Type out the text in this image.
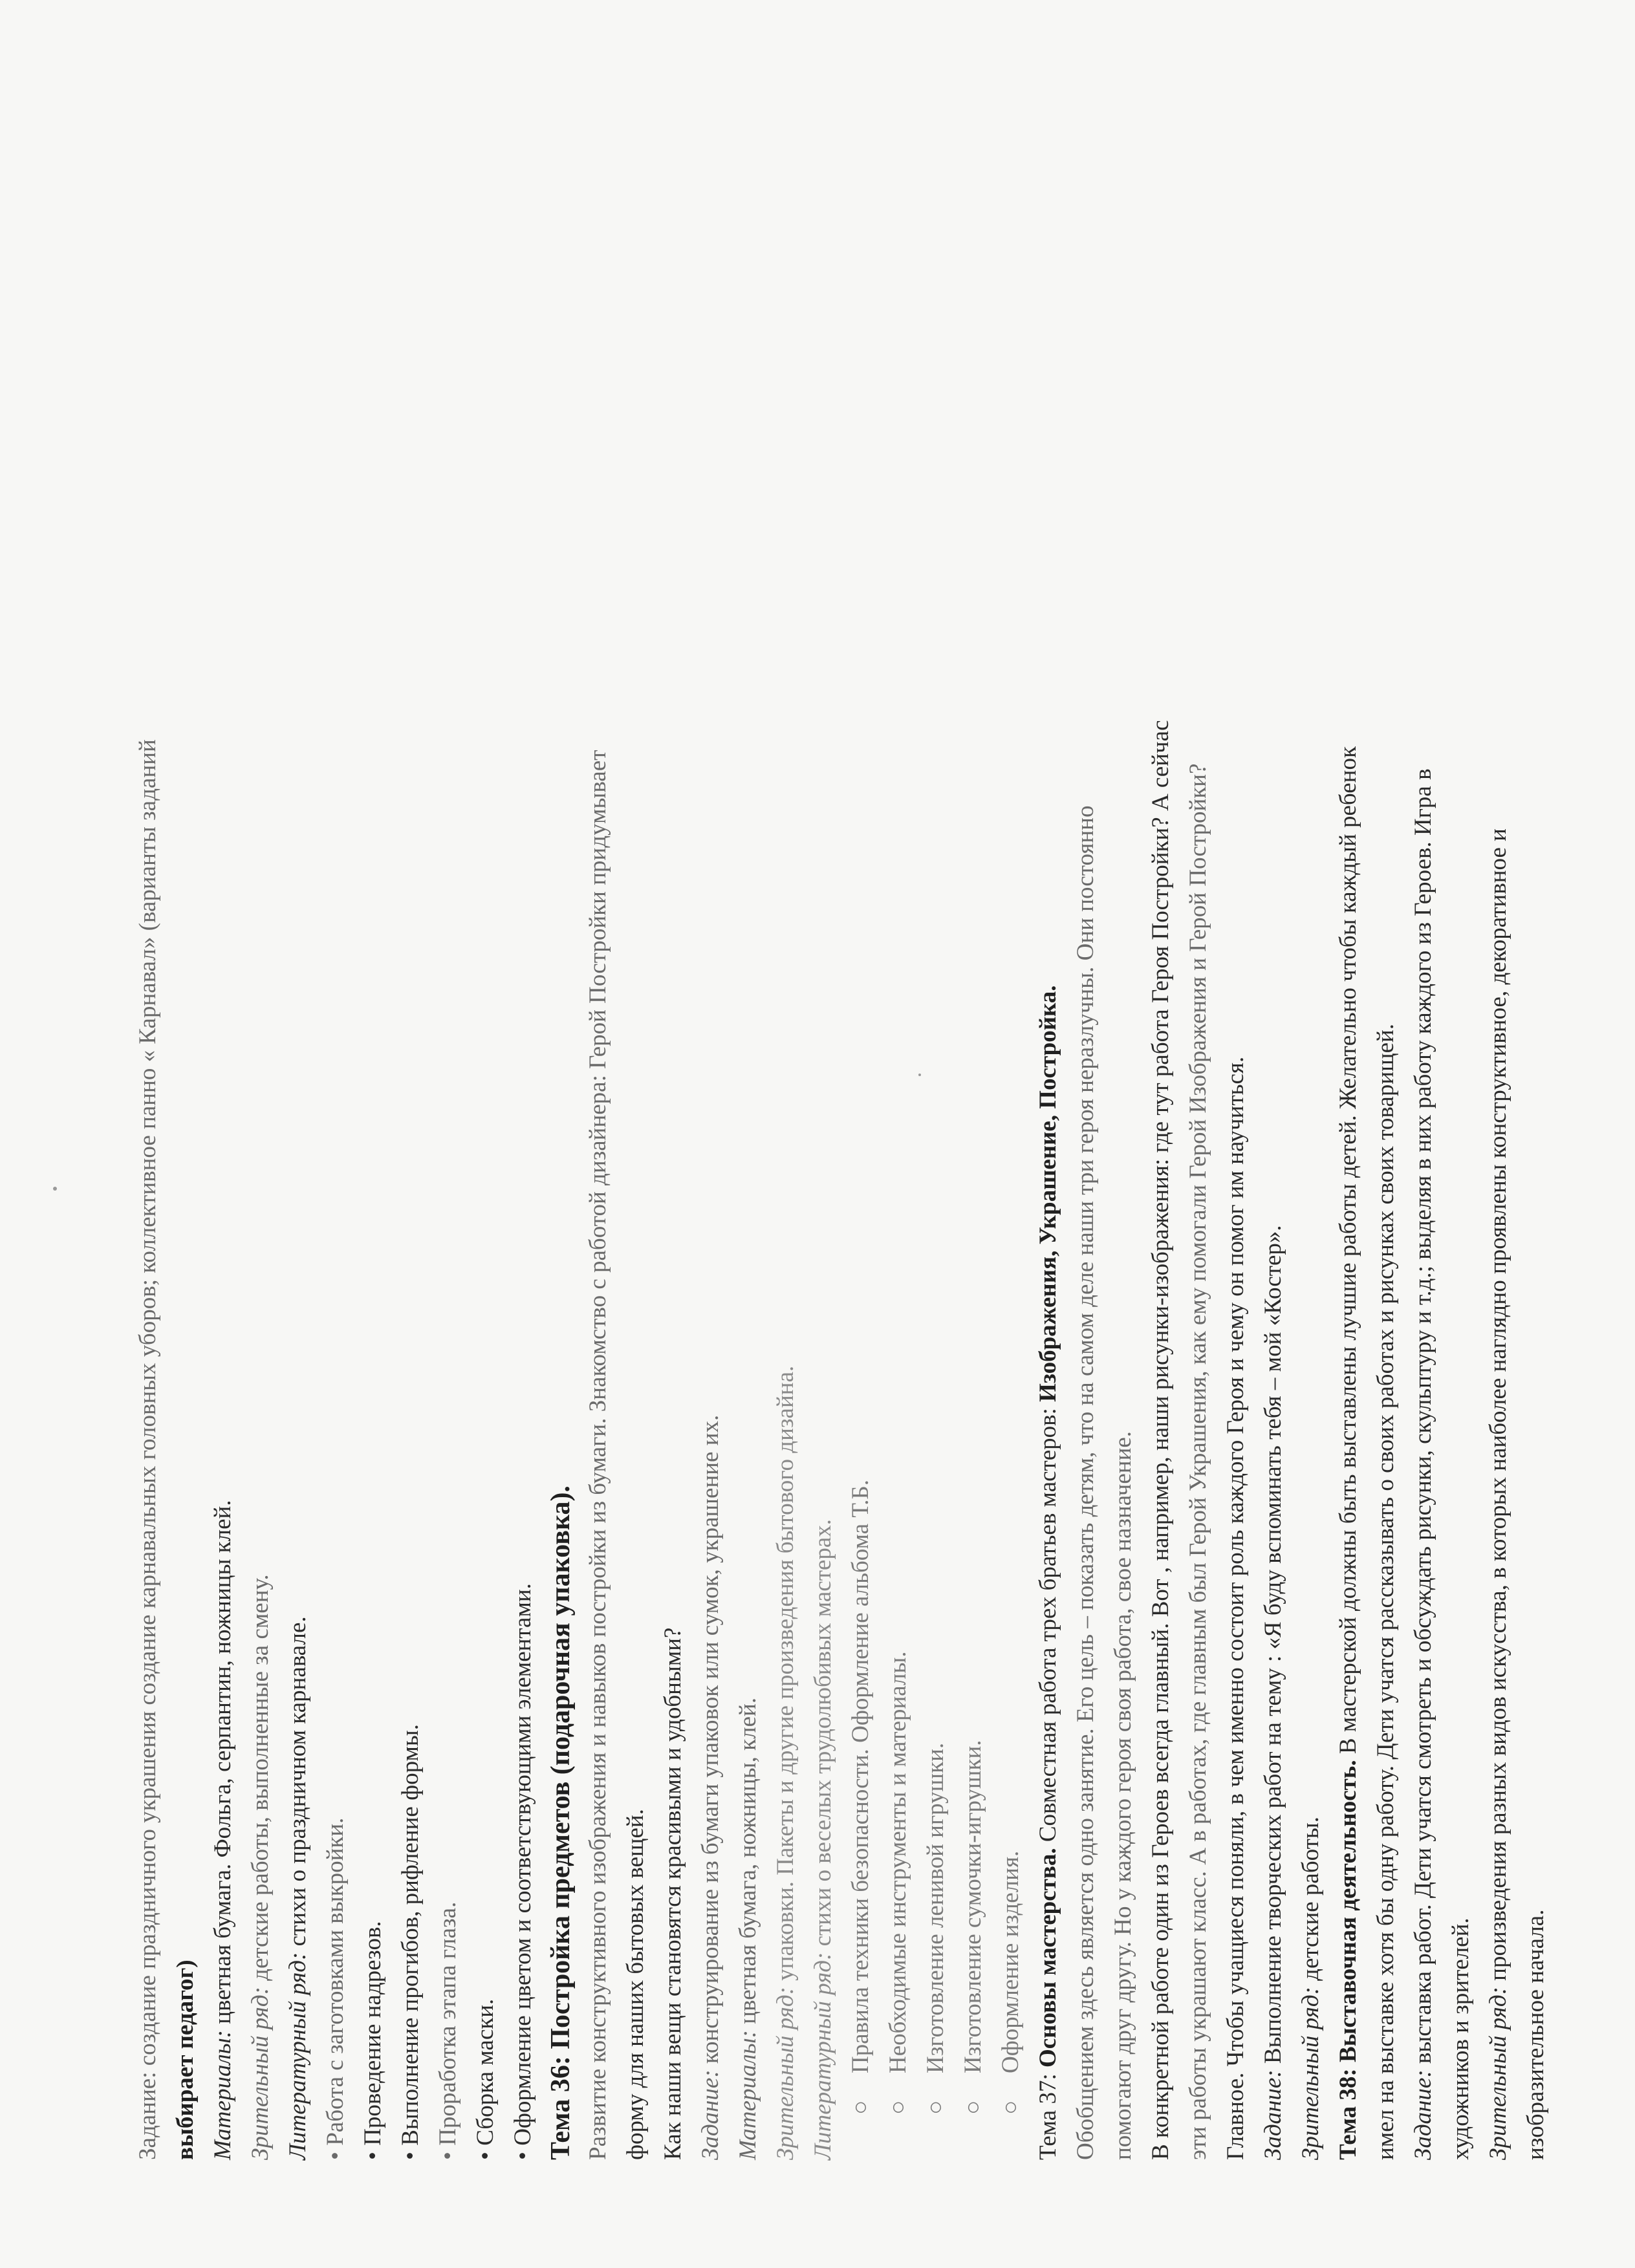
Задание: создание праздничного украшения создание карнавальных головных уборов; коллективное панно « Карнавал» (варианты заданий выбирает педагог) Материалы: цветная бумага. Фольга, серпантин, ножницы клей.
Зрительный ряд: детские работы, выполненные за смену.
Литературный ряд: стихи о праздничном карнавале.
• Работа с заготовками выкройки. • Проведение надрезов. • Выполнение прогибов, рифление формы. • Проработка этапа глаза. • Сборка маски. • Оформление цветом и соответствующими элементами. Тема 36: Постройка предметов (подарочная упаковка). Развитие конструктивного изображения и навыков постройки из бумаги. Знакомство с работой дизайнера: Герой Постройки придумывает форму для наших бытовых вещей. Как наши вещи становятся красивыми и удобными? Задание: конструирование из бумаги упаковок или сумок, украшение их.
Материалы: цветная бумага, ножницы, клей.
Зрительный ряд: упаковки. Пакеты и другие произведения бытового дизайна.
Литературный ряд: стихи о веселых трудолюбивых мастерах.
○Правила техники безопасности. Оформление альбома Т.Б.
○Необходимые инструменты и материалы.
○Изготовление ленивой игрушки.
○Изготовление сумочки-игрушки.
○Оформление изделия.
Тема 37: Основы мастерства. Совместная работа трех братьев мастеров: Изображения, Украшение, Постройка. Обобщением здесь является одно занятие. Его цель – показать детям, что на самом деле наши три героя неразлучны. Они постоянно помогают друг другу. Но у каждого героя своя работа, свое назначение. В конкретной работе один из Героев всегда главный. Вот , например, наши рисунки-изображения: где тут работа Героя Постройки? А сейчас эти работы украшают класс. А в работах, где главным был Герой Украшения, как ему помогали Герой Изображения и Герой Постройки? Главное. Чтобы учащиеся поняли, в чем именно состоит роль каждого Героя и чему он помог им научиться. Задание: Выполнение творческих работ на тему : «Я буду вспоминать тебя – мой «Костер».
Зрительный ряд: детские работы. Тема 38: Выставочная деятельность. В мастерской должны быть выставлены лучшие работы детей. Желательно чтобы каждый ребенок имел на выставке хотя бы одну работу. Дети учатся рассказывать о своих работах и рисунках своих товарищей. Задание: выставка работ. Дети учатся смотреть и обсуждать рисунки, скульптуру и т.д.; выделяя в них работу каждого из Героев. Игра в художников и зрителей. Зрительный ряд: произведения разных видов искусства, в которых наиболее наглядно проявлены конструктивное, декоративное и
изобразительное начала.
